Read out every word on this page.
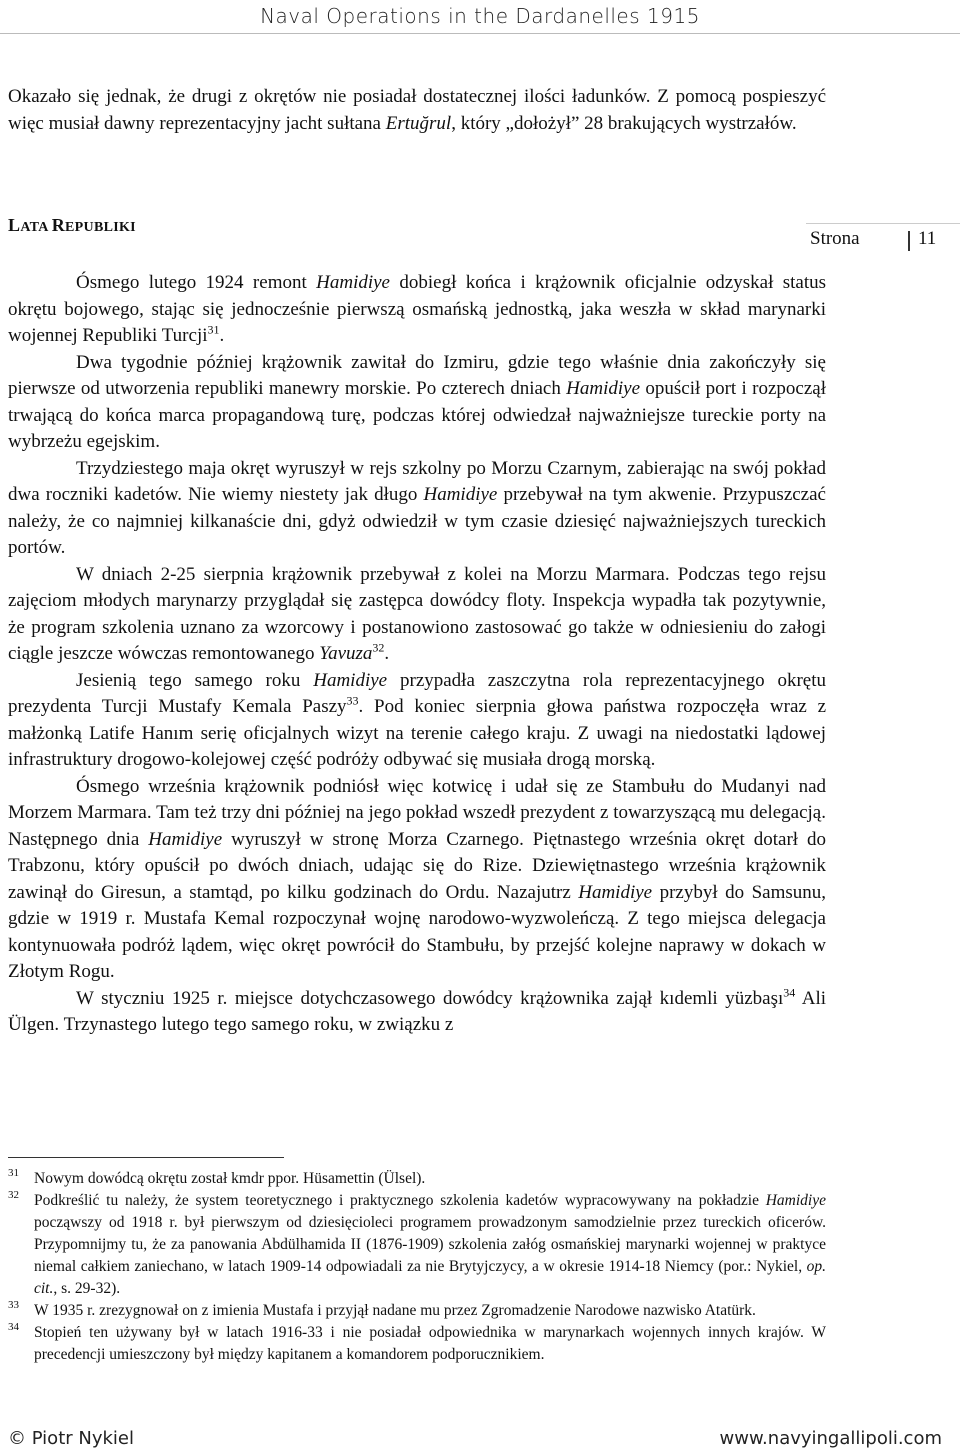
Naval Operations in the Dardanelles 1915

Okazało się jednak, że drugi z okrętów nie posiadał dostatecznej ilości ładunków. Z pomocą pospieszyć więc musiał dawny reprezentacyjny jacht sułtana Ertuğrul, który „dołożył” 28 brakujących wystrzałów.

LATA REPUBLIKI
Strona	11

Ósmego lutego 1924 remont Hamidiye dobiegł końca i krążownik oficjalnie odzyskał status okrętu bojowego, stając się jednocześnie pierwszą osmańską jednostką, jaka weszła w skład marynarki wojennej Republiki Turcji$^{31}$.

Dwa tygodnie później krążownik zawitał do Izmiru, gdzie tego właśnie dnia zakończyły się pierwsze od utworzenia republiki manewry morskie. Po czterech dniach Hamidiye opuścił port i rozpoczął trwającą do końca marca propagandową turę, podczas której odwiedzał najważniejsze tureckie porty na wybrzeżu egejskim.

Trzydziestego maja okręt wyruszył w rejs szkolny po Morzu Czarnym, zabierając na swój pokład dwa roczniki kadetów. Nie wiemy niestety jak długo Hamidiye przebywał na tym akwenie. Przypuszczać należy, że co najmniej kilkanaście dni, gdyż odwiedził w tym czasie dziesięć najważniejszych tureckich portów.

W dniach 2-25 sierpnia krążownik przebywał z kolei na Morzu Marmara. Podczas tego rejsu zajęciom młodych marynarzy przyglądał się zastępca dowódcy floty. Inspekcja wypadła tak pozytywnie, że program szkolenia uznano za wzorcowy i postanowiono zastosować go także w odniesieniu do załogi ciągle jeszcze wówczas remontowanego Yavuza$^{32}$.

Jesienią tego samego roku Hamidiye przypadła zaszczytna rola reprezentacyjnego okrętu prezydenta Turcji Mustafy Kemala Paszy$^{33}$. Pod koniec sierpnia głowa państwa rozpoczęła wraz z małżonką Latife Hanım serię oficjalnych wizyt na terenie całego kraju. Z uwagi na niedostatki lądowej infrastruktury drogowo-kolejowej część podróży odbywać się musiała drogą morską.

Ósmego września krążownik podniósł więc kotwicę i udał się ze Stambułu do Mudanyi nad Morzem Marmara. Tam też trzy dni później na jego pokład wszedł prezydent z towarzyszącą mu delegacją. Następnego dnia Hamidiye wyruszył w stronę Morza Czarnego. Piętnastego września okręt dotarł do Trabzonu, który opuścił po dwóch dniach, udając się do Rize. Dziewiętnastego września krążownik zawinął do Giresun, a stamtąd, po kilku godzinach do Ordu. Nazajutrz Hamidiye przybył do Samsunu, gdzie w 1919 r. Mustafa Kemal rozpoczynał wojnę narodowo-wyzwoleńczą. Z tego miejsca delegacja kontynuowała podróż lądem, więc okręt powrócił do Stambułu, by przejść kolejne naprawy w dokach w Złotym Rogu.

W styczniu 1925 r. miejsce dotychczasowego dowódcy krążownika zajął kıdemli yüzbaşı$^{34}$ Ali Ülgen. Trzynastego lutego tego samego roku, w związku z

31 Nowym dowódcą okrętu został kmdr ppor. Hüsamettin (Ülsel).
32 Podkreślić tu należy, że system teoretycznego i praktycznego szkolenia kadetów wypracowywany na pokładzie Hamidiye począwszy od 1918 r. był pierwszym od dziesięcioleci programem prowadzonym samodzielnie przez tureckich oficerów. Przypomnijmy tu, że za panowania Abdülhamida II (1876-1909) szkolenia załóg osmańskiej marynarki wojennej w praktyce niemal całkiem zaniechano, w latach 1909-14 odpowiadali za nie Brytyjczycy, a w okresie 1914-18 Niemcy (por.: Nykiel, op. cit., s. 29-32).
33 W 1935 r. zrezygnował on z imienia Mustafa i przyjął nadane mu przez Zgromadzenie Narodowe nazwisko Atatürk.
34 Stopień ten używany był w latach 1916-33 i nie posiadał odpowiednika w marynarkach wojennych innych krajów. W precedencji umieszczony był między kapitanem a komandorem podporucznikiem.
© Piotr Nykiel	www.navyingallipoli.com
